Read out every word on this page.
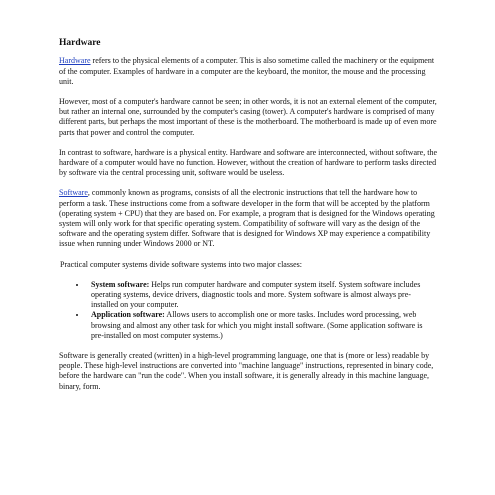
Hardware

Hardware refers to the physical elements of a computer. This is also sometime called the machinery or the equipment of the computer. Examples of hardware in a computer are the keyboard, the monitor, the mouse and the processing unit.

However, most of a computer's hardware cannot be seen; in other words, it is not an external element of the computer, but rather an internal one, surrounded by the computer's casing (tower). A computer's hardware is comprised of many different parts, but perhaps the most important of these is the motherboard. The motherboard is made up of even more parts that power and control the computer.

In contrast to software, hardware is a physical entity. Hardware and software are interconnected, without software, the hardware of a computer would have no function. However, without the creation of hardware to perform tasks directed by software via the central processing unit, software would be useless.

Software, commonly known as programs, consists of all the electronic instructions that tell the hardware how to perform a task. These instructions come from a software developer in the form that will be accepted by the platform (operating system + CPU) that they are based on. For example, a program that is designed for the Windows operating system will only work for that specific operating system. Compatibility of software will vary as the design of the software and the operating system differ. Software that is designed for Windows XP may experience a compatibility issue when running under Windows 2000 or NT.

Practical computer systems divide software systems into two major classes:

• System software: Helps run computer hardware and computer system itself. System software includes operating systems, device drivers, diagnostic tools and more. System software is almost always pre-installed on your computer.
• Application software: Allows users to accomplish one or more tasks. Includes word processing, web browsing and almost any other task for which you might install software. (Some application software is pre-installed on most computer systems.)

Software is generally created (written) in a high-level programming language, one that is (more or less) readable by people. These high-level instructions are converted into "machine language" instructions, represented in binary code, before the hardware can "run the code". When you install software, it is generally already in this machine language, binary, form.
